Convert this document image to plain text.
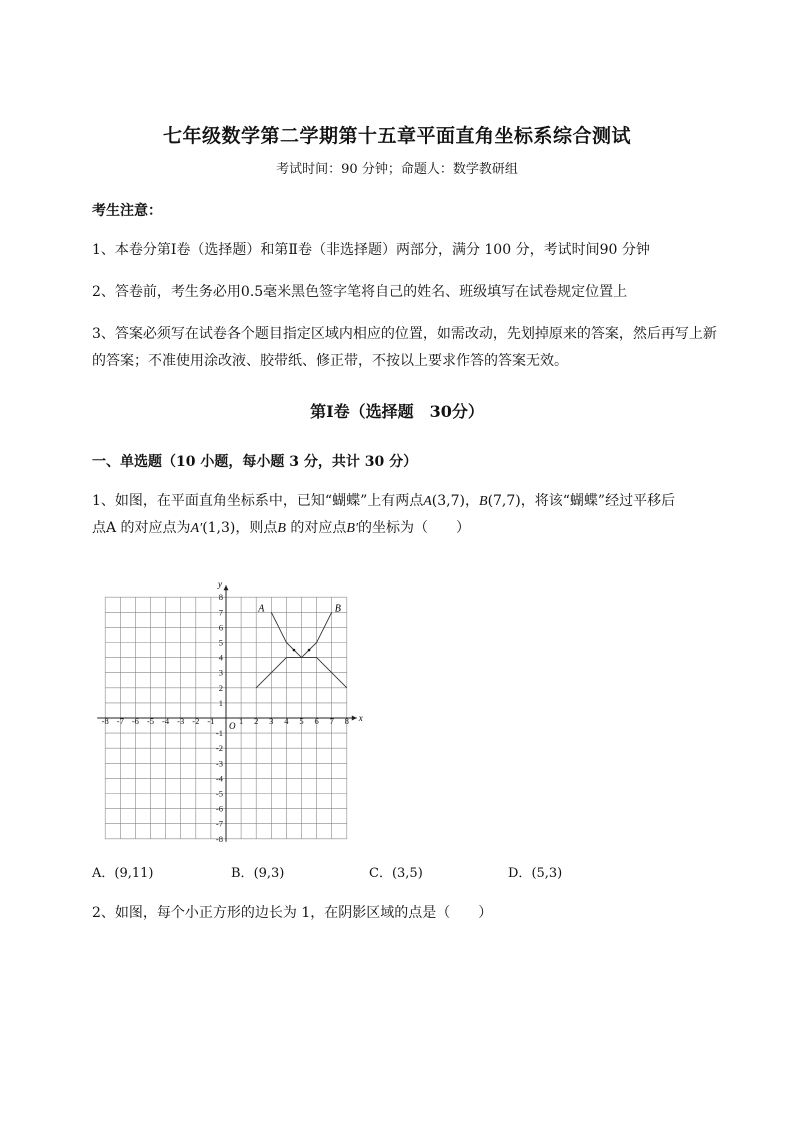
七年级数学第二学期第十五章平面直角坐标系综合测试
考试时间：90 分钟；命题人：数学教研组
考生注意：
1、本卷分第Ⅰ卷（选择题）和第Ⅱ卷（非选择题）两部分，满分 100 分，考试时间90 分钟
2、答卷前，考生务必用0.5毫米黑色签字笔将自己的姓名、班级填写在试卷规定位置上
3、答案必须写在试卷各个题目指定区域内相应的位置，如需改动，先划掉原来的答案，然后再写上新的答案；不准使用涂改液、胶带纸、修正带，不按以上要求作答的答案无效。
第Ⅰ卷（选择题　30分）
一、单选题（10 小题，每小题 3 分，共计 30 分）
1、如图，在平面直角坐标系中，已知“蝴蝶”上有两点A(3,7)，B(7,7)，将该“蝴蝶”经过平移后
点A 的对应点为A′(1,3)，则点B 的对应点B′的坐标为（　　）
-8 -7 -6 -5 -4 -3 -2 -1	1 2 3 4 5 6 7 8
8
7
6
5
4
3
2
1
-1
-2
-3
-4
-5
-6
-7
-8
x
y
O
A	B
A．(9,11)	B．(9,3)	C．(3,5)	D．(5,3)
2、如图，每个小正方形的边长为 1，在阴影区域的点是（　　）
